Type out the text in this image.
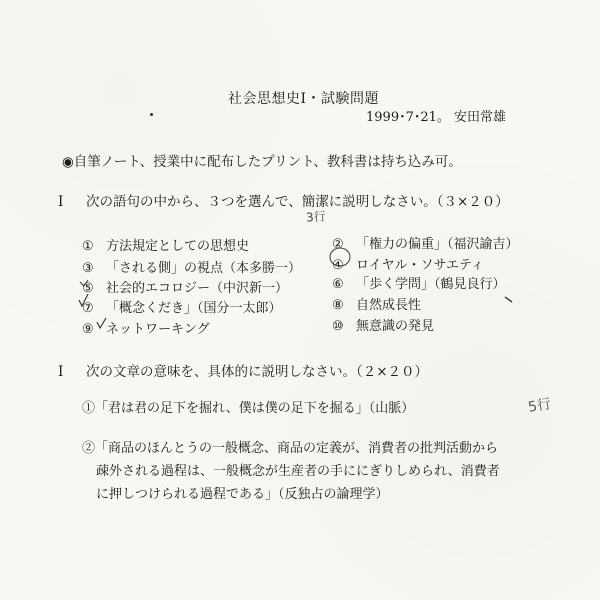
社会思想史Ⅰ・試験問題
1999･7･21。 安田常雄
◉自筆ノート、授業中に配布したプリント、教科書は持ち込み可。
Ⅰ 次の語句の中から、３つを選んで、簡潔に説明しなさい。（３×２０）
① 方法規定としての思想史
③ 「される側」の視点（本多勝一）
⑤ 社会的エコロジー（中沢新一）
⑦ 「概念くだき」（国分一太郎）
⑨ ネットワーキング
② 「権力の偏重」（福沢諭吉）
④ ロイヤル・ソサエティ
⑥ 「歩く学問」（鶴見良行）
⑧ 自然成長性
⑩ 無意識の発見
Ⅰ 次の文章の意味を、具体的に説明しなさい。（２×２０）
①「君は君の足下を掘れ、僕は僕の足下を掘る」（山脈）
②「商品のほんとうの一般概念、商品の定義が、消費者の批判活動から
疎外される過程は、一般概念が生産者の手ににぎりしめられ、消費者
に押しつけられる過程である」（反独占の論理学）
3行
5行
